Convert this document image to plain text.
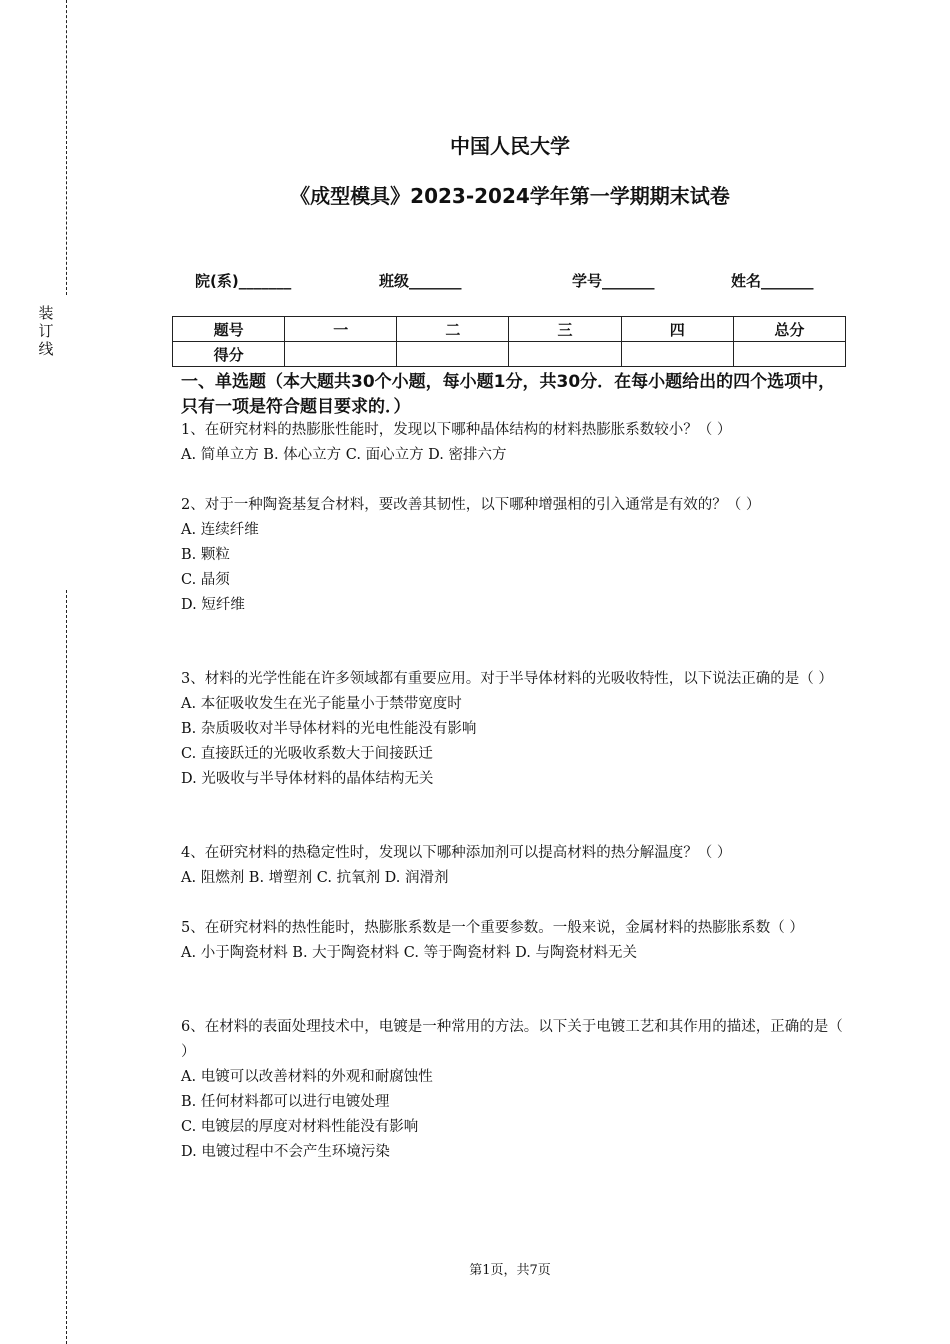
装
订
线
中国人民大学
《成型模具》2023-2024学年第一学期期末试卷
院(系)_______	班级_______	学号_______	姓名_______
题号	一	二	三	四	总分
得分					
一、单选题（本大题共30个小题，每小题1分，共30分．在每小题给出的四个选项中，只有一项是符合题目要求的．）
1、在研究材料的热膨胀性能时，发现以下哪种晶体结构的材料热膨胀系数较小？（ ）
A. 简单立方 B. 体心立方 C. 面心立方 D. 密排六方
2、对于一种陶瓷基复合材料，要改善其韧性，以下哪种增强相的引入通常是有效的？（ ）
A. 连续纤维
B. 颗粒
C. 晶须
D. 短纤维
3、材料的光学性能在许多领域都有重要应用。对于半导体材料的光吸收特性，以下说法正确的是（ ）
A. 本征吸收发生在光子能量小于禁带宽度时
B. 杂质吸收对半导体材料的光电性能没有影响
C. 直接跃迁的光吸收系数大于间接跃迁
D. 光吸收与半导体材料的晶体结构无关
4、在研究材料的热稳定性时，发现以下哪种添加剂可以提高材料的热分解温度？（ ）
A. 阻燃剂 B. 增塑剂 C. 抗氧剂 D. 润滑剂
5、在研究材料的热性能时，热膨胀系数是一个重要参数。一般来说，金属材料的热膨胀系数（ ）
A. 小于陶瓷材料 B. 大于陶瓷材料 C. 等于陶瓷材料 D. 与陶瓷材料无关
6、在材料的表面处理技术中，电镀是一种常用的方法。以下关于电镀工艺和其作用的描述，正确的是（ ）
A. 电镀可以改善材料的外观和耐腐蚀性
B. 任何材料都可以进行电镀处理
C. 电镀层的厚度对材料性能没有影响
D. 电镀过程中不会产生环境污染
第1页，共7页
